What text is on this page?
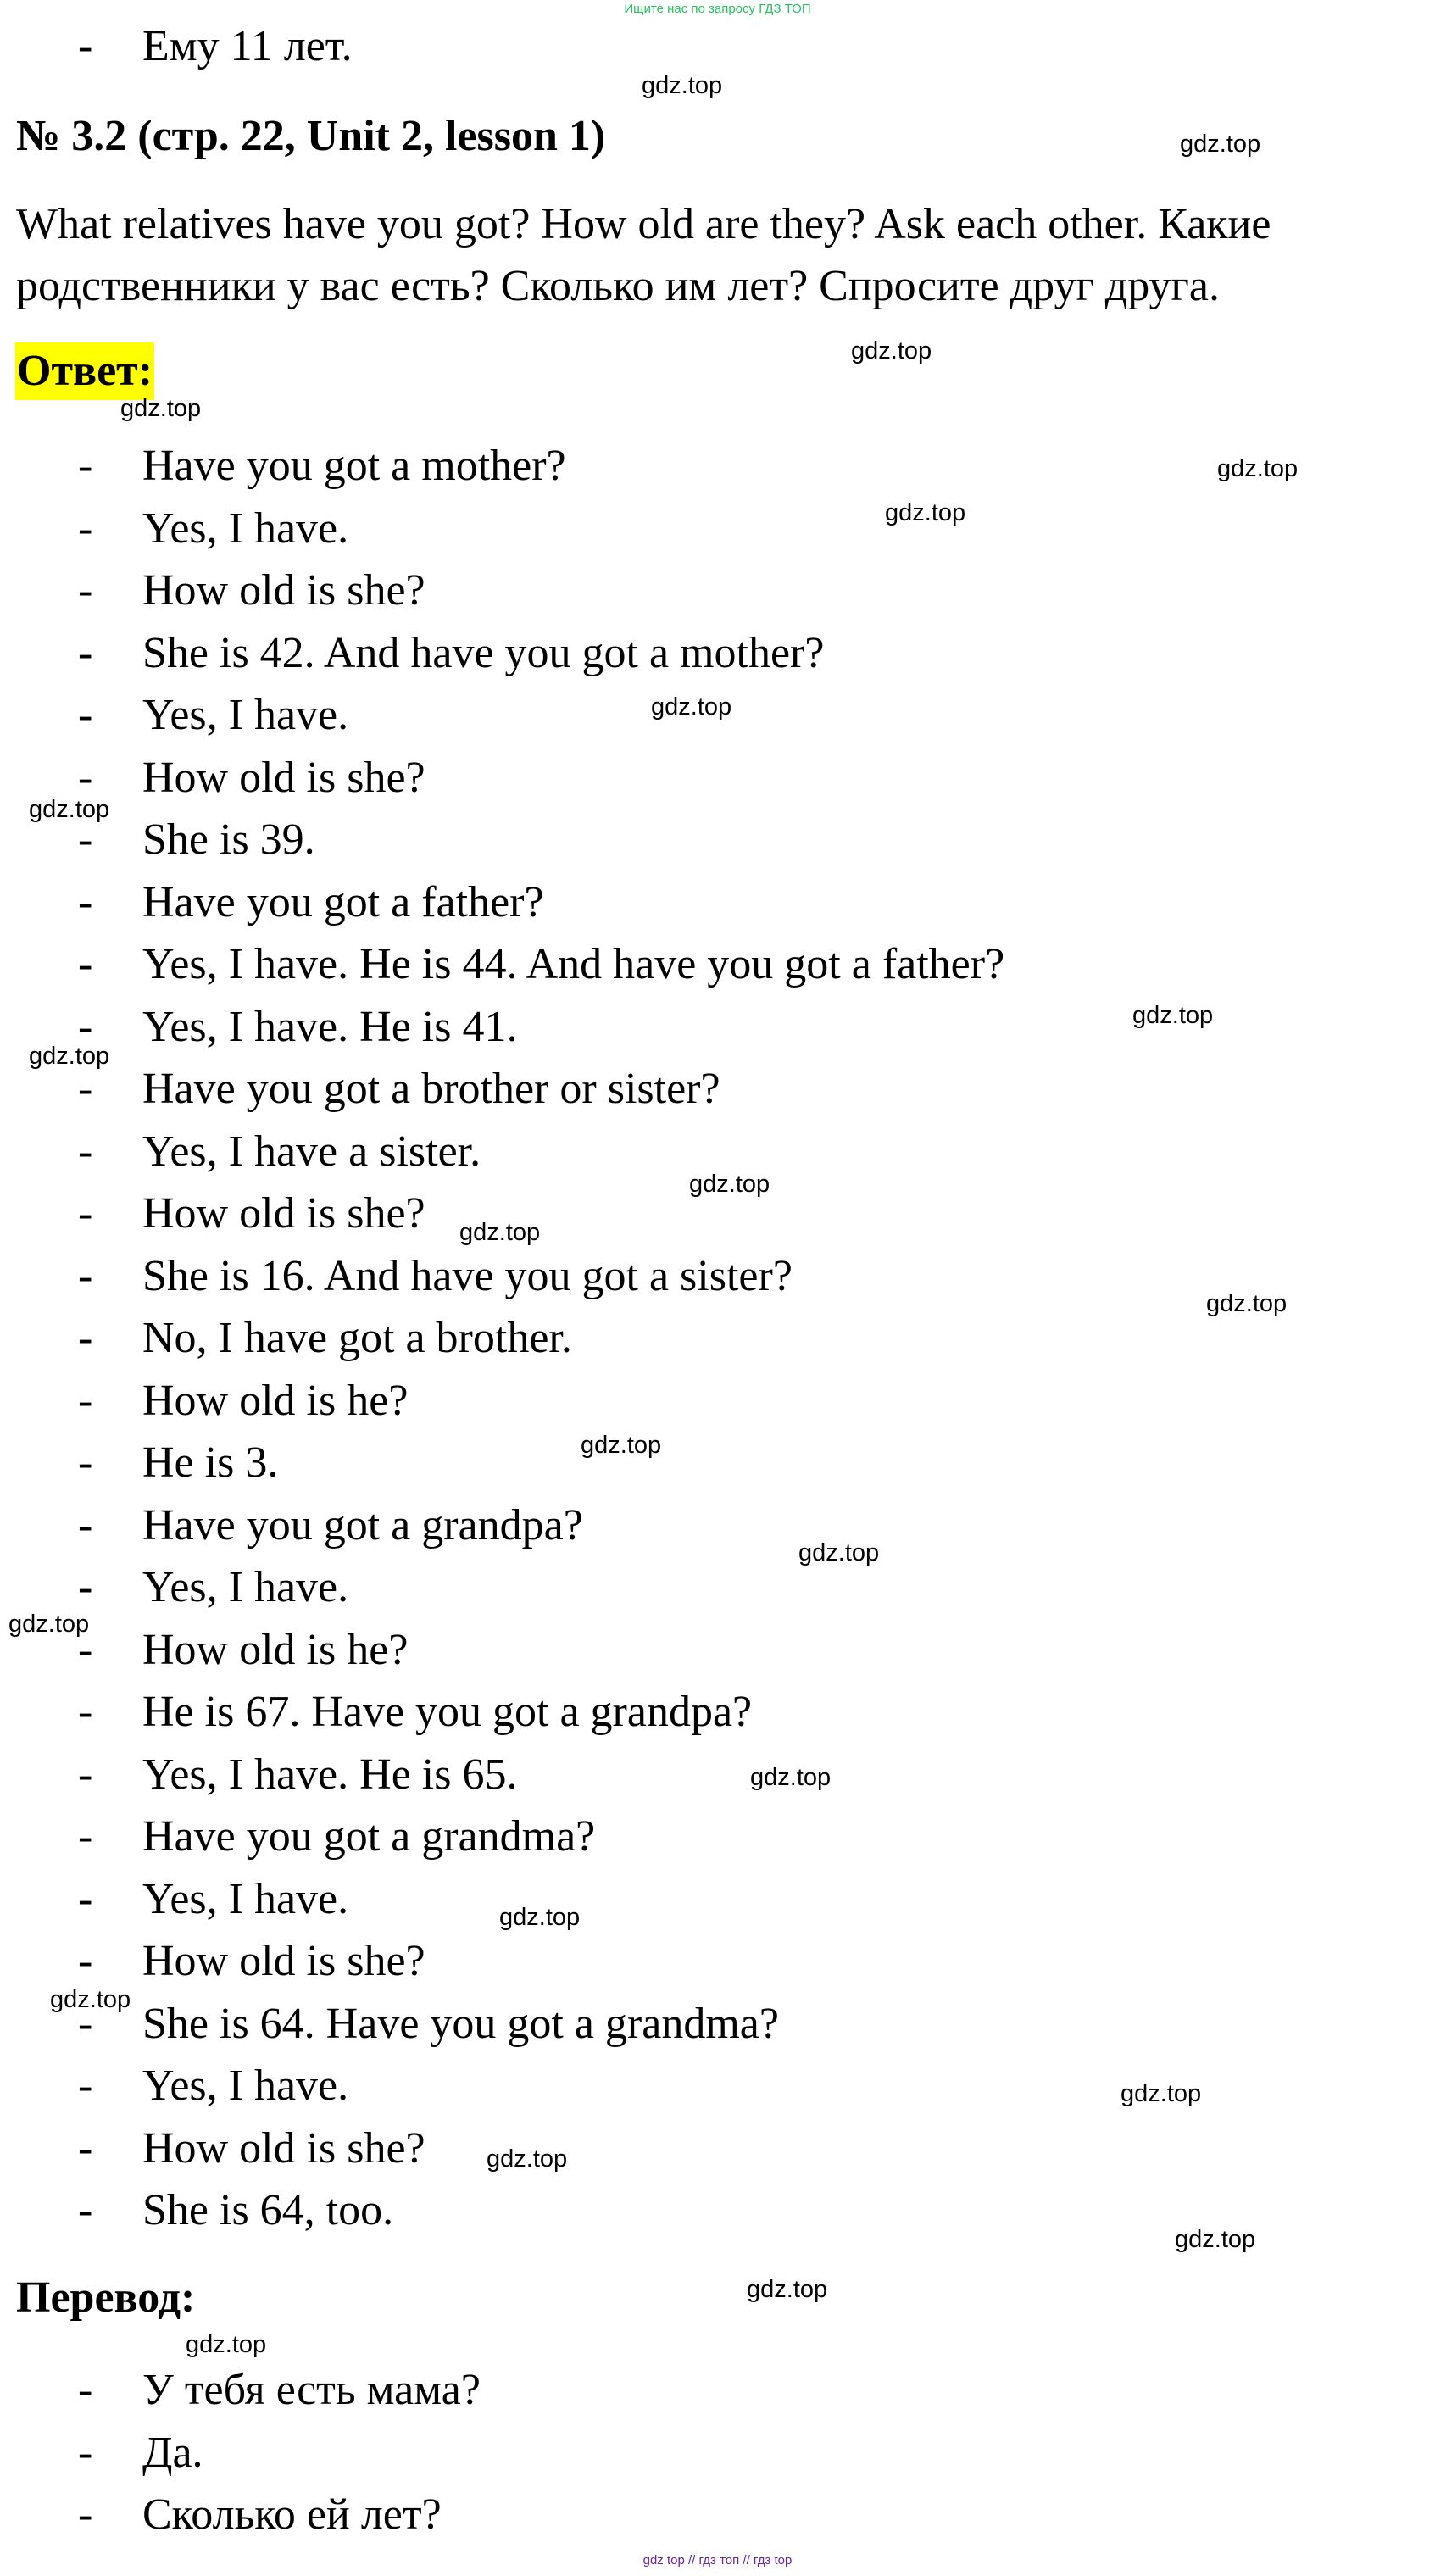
Ищите нас по запросу ГДЗ ТОП
- Ему 11 лет.
№ 3.2 (стр. 22, Unit 2, lesson 1)
What relatives have you got? How old are they? Ask each other. Какие
родственники у вас есть? Сколько им лет? Спросите друг друга.
Ответ:
- Have you got a mother?
- Yes, I have.
- How old is she?
- She is 42. And have you got a mother?
- Yes, I have.
- How old is she?
- She is 39.
- Have you got a father?
- Yes, I have. He is 44. And have you got a father?
- Yes, I have. He is 41.
- Have you got a brother or sister?
- Yes, I have a sister.
- How old is she?
- She is 16. And have you got a sister?
- No, I have got a brother.
- How old is he?
- He is 3.
- Have you got a grandpa?
- Yes, I have.
- How old is he?
- He is 67. Have you got a grandpa?
- Yes, I have. He is 65.
- Have you got a grandma?
- Yes, I have.
- How old is she?
- She is 64. Have you got a grandma?
- Yes, I have.
- How old is she?
- She is 64, too.
Перевод:
- У тебя есть мама?
- Да.
- Сколько ей лет?
gdz.top
gdz.top
gdz.top
gdz.top
gdz.top
gdz.top
gdz.top
gdz.top
gdz.top
gdz.top
gdz.top
gdz.top
gdz.top
gdz.top
gdz.top
gdz.top
gdz.top
gdz.top
gdz.top
gdz.top
gdz.top
gdz.top
gdz.top
gdz.top
gdz top // гдз топ // гдз top
